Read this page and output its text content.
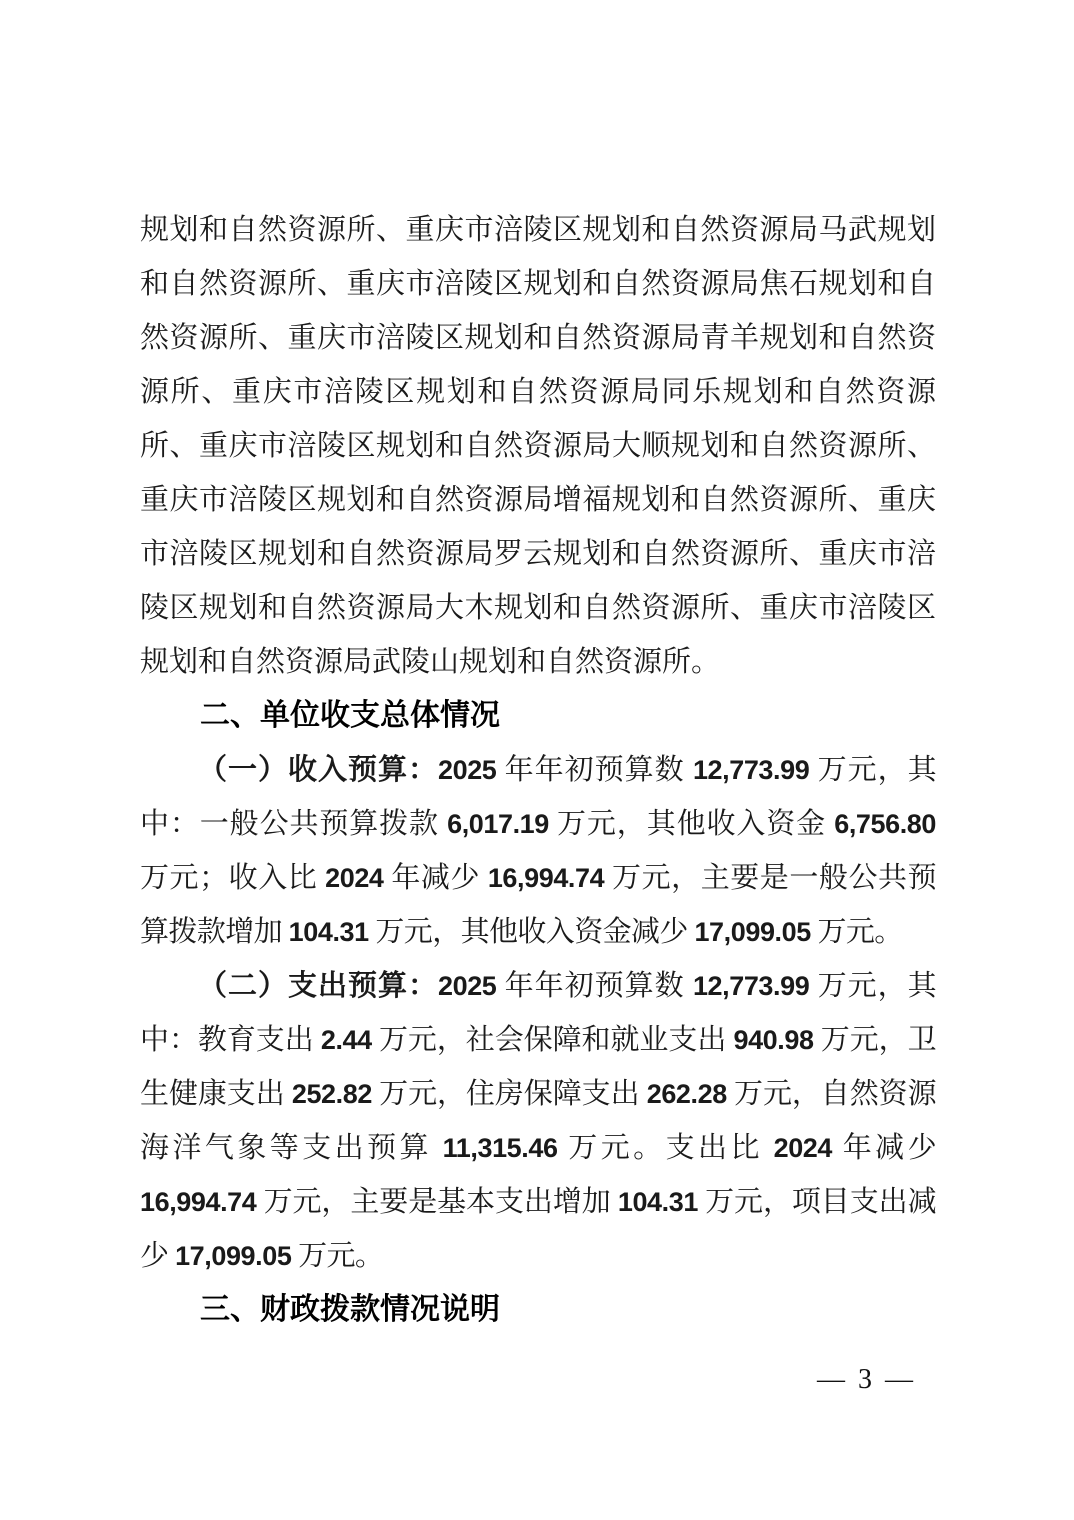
规划和自然资源所、重庆市涪陵区规划和自然资源局马武规划和自然资源所、重庆市涪陵区规划和自然资源局焦石规划和自然资源所、重庆市涪陵区规划和自然资源局青羊规划和自然资源所、重庆市涪陵区规划和自然资源局同乐规划和自然资源所、重庆市涪陵区规划和自然资源局大顺规划和自然资源所、重庆市涪陵区规划和自然资源局增福规划和自然资源所、重庆市涪陵区规划和自然资源局罗云规划和自然资源所、重庆市涪陵区规划和自然资源局大木规划和自然资源所、重庆市涪陵区规划和自然资源局武陵山规划和自然资源所。

二、单位收支总体情况

（一）收入预算：2025 年年初预算数 12,773.99 万元，其中：一般公共预算拨款 6,017.19 万元，其他收入资金 6,756.80 万元；收入比 2024 年减少 16,994.74 万元，主要是一般公共预算拨款增加 104.31 万元，其他收入资金减少 17,099.05 万元。

（二）支出预算：2025 年年初预算数 12,773.99 万元，其中：教育支出 2.44 万元，社会保障和就业支出 940.98 万元，卫生健康支出 252.82 万元，住房保障支出 262.28 万元，自然资源海洋气象等支出预算 11,315.46 万元。支出比 2024 年减少 16,994.74 万元，主要是基本支出增加 104.31 万元，项目支出减少 17,099.05 万元。

三、财政拨款情况说明

— 3 —
